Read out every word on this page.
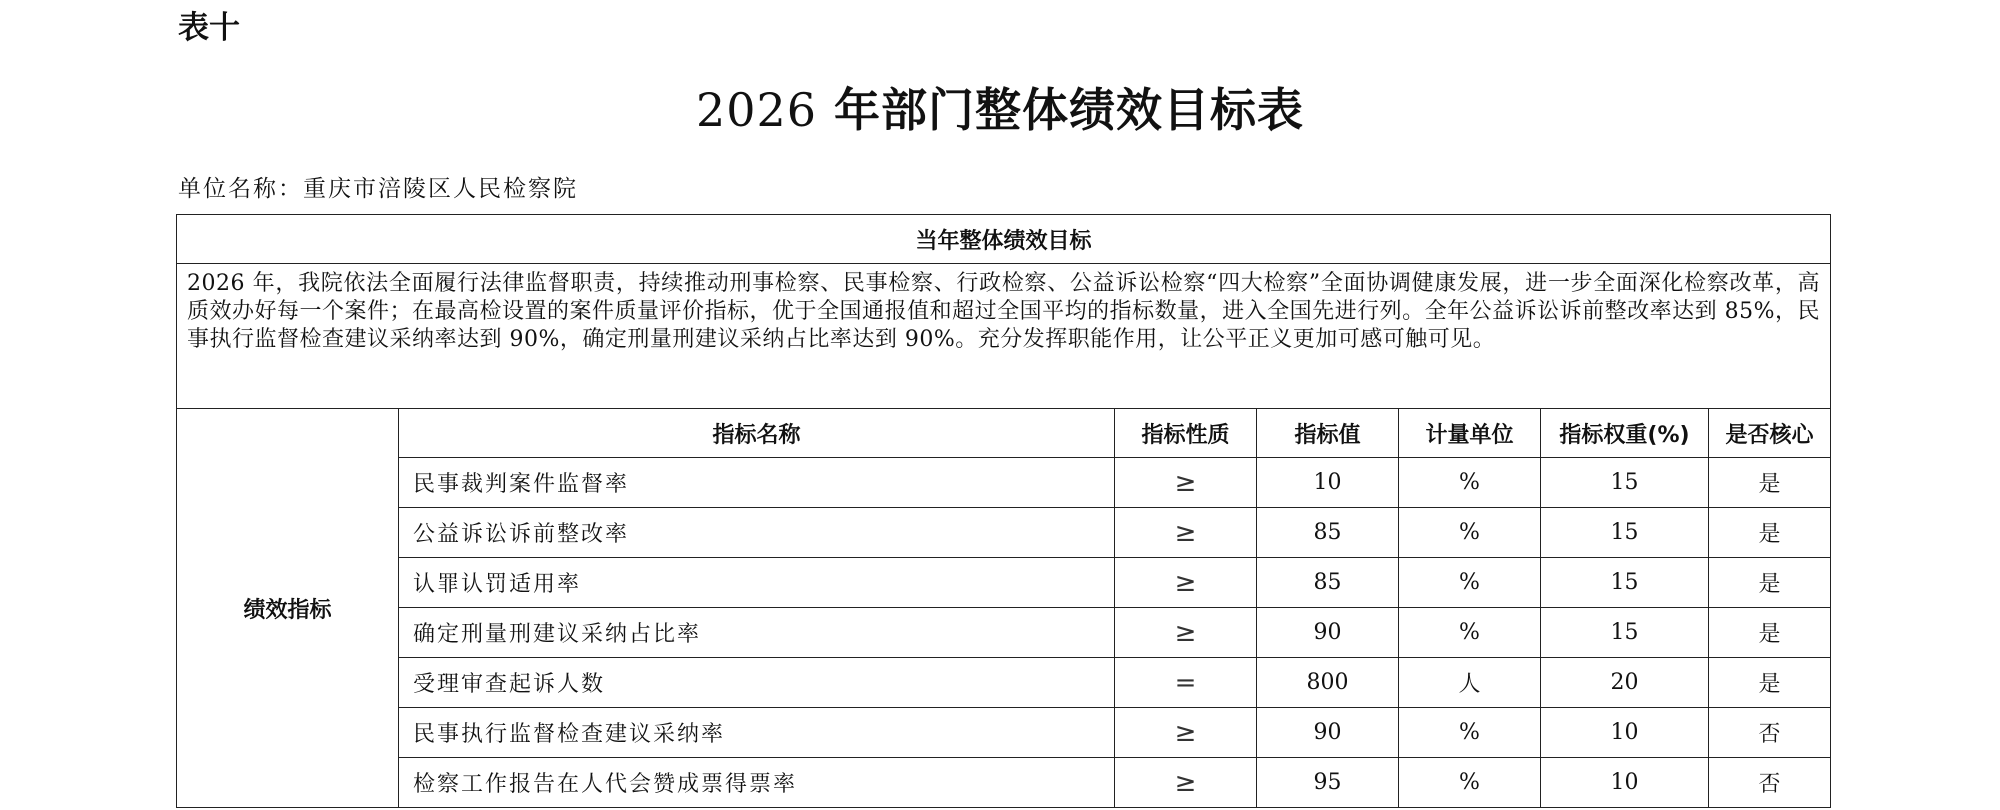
表十
2026 年部门整体绩效目标表
单位名称：重庆市涪陵区人民检察院
当年整体绩效目标						
2026 年，我院依法全面履行法律监督职责，持续推动刑事检察、民事检察、行政检察、公益诉讼检察“四大检察”全面协调健康发展，进一步全面深化检察改革，高质效办好每一个案件；在最高检设置的案件质量评价指标，优于全国通报值和超过全国平均的指标数量，进入全国先进行列。全年公益诉讼诉前整改率达到 85%，民事执行监督检查建议采纳率达到 90%，确定刑量刑建议采纳占比率达到 90%。充分发挥职能作用，让公平正义更加可感可触可见。						
绩效指标	指标名称	指标性质	指标值	计量单位	指标权重(%)	是否核心
	民事裁判案件监督率	≥	10	%	15	是
	公益诉讼诉前整改率	≥	85	%	15	是
	认罪认罚适用率	≥	85	%	15	是
	确定刑量刑建议采纳占比率	≥	90	%	15	是
	受理审查起诉人数	=	800	人	20	是
	民事执行监督检查建议采纳率	≥	90	%	10	否
	检察工作报告在人代会赞成票得票率	≥	95	%	10	否
